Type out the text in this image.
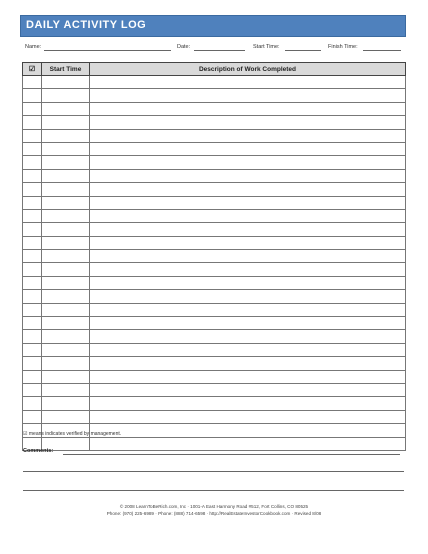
DAILY ACTIVITY LOG
Name:	Date:	Start Time:	Finish Time:
☑	Start Time	Description of Work Completed

☑ means indicates verified by management.
Comments:
© 2008 LearnToBeRich.com, Inc · 1001-A East Harmony Road #512, Fort Collins, CO 80525
Phone: (970) 225-6989 · Phone: (888) 714-6598 · http://RealEstateInvestorCookbook.com · Revised 8/08
